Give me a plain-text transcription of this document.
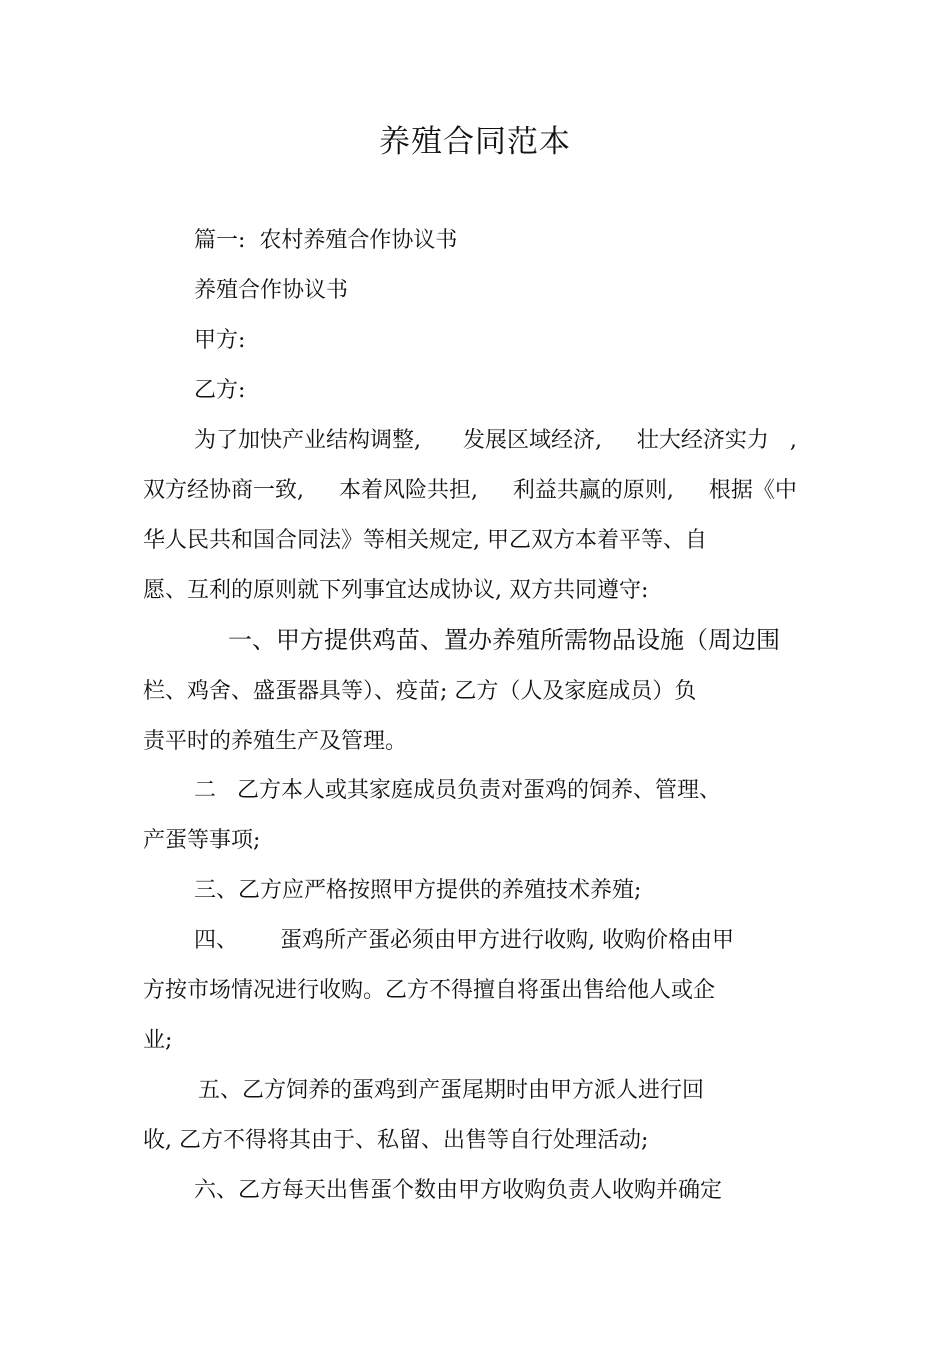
养殖合同范本
篇一:  农村养殖合作协议书
养殖合作协议书
甲方:
乙方:
为了加快产业结构调整,      发展区域经济,     壮大经济实力   ,
双方经协商一致,     本着风险共担,     利益共赢的原则,     根据《中
华人民共和国合同法》等相关规定, 甲乙双方本着平等、自
愿、互利的原则就下列事宜达成协议, 双方共同遵守:
一、甲方提供鸡苗、置办养殖所需物品设施（周边围
栏、鸡舍、盛蛋器具等）、疫苗; 乙方（人及家庭成员）负
责平时的养殖生产及管理。
二   乙方本人或其家庭成员负责对蛋鸡的饲养、管理、
产蛋等事项;
三、乙方应严格按照甲方提供的养殖技术养殖;
四、      蛋鸡所产蛋必须由甲方进行收购, 收购价格由甲
方按市场情况进行收购。乙方不得擅自将蛋出售给他人或企
业;
五、乙方饲养的蛋鸡到产蛋尾期时由甲方派人进行回
收, 乙方不得将其由于、私留、出售等自行处理活动;
六、乙方每天出售蛋个数由甲方收购负责人收购并确定
